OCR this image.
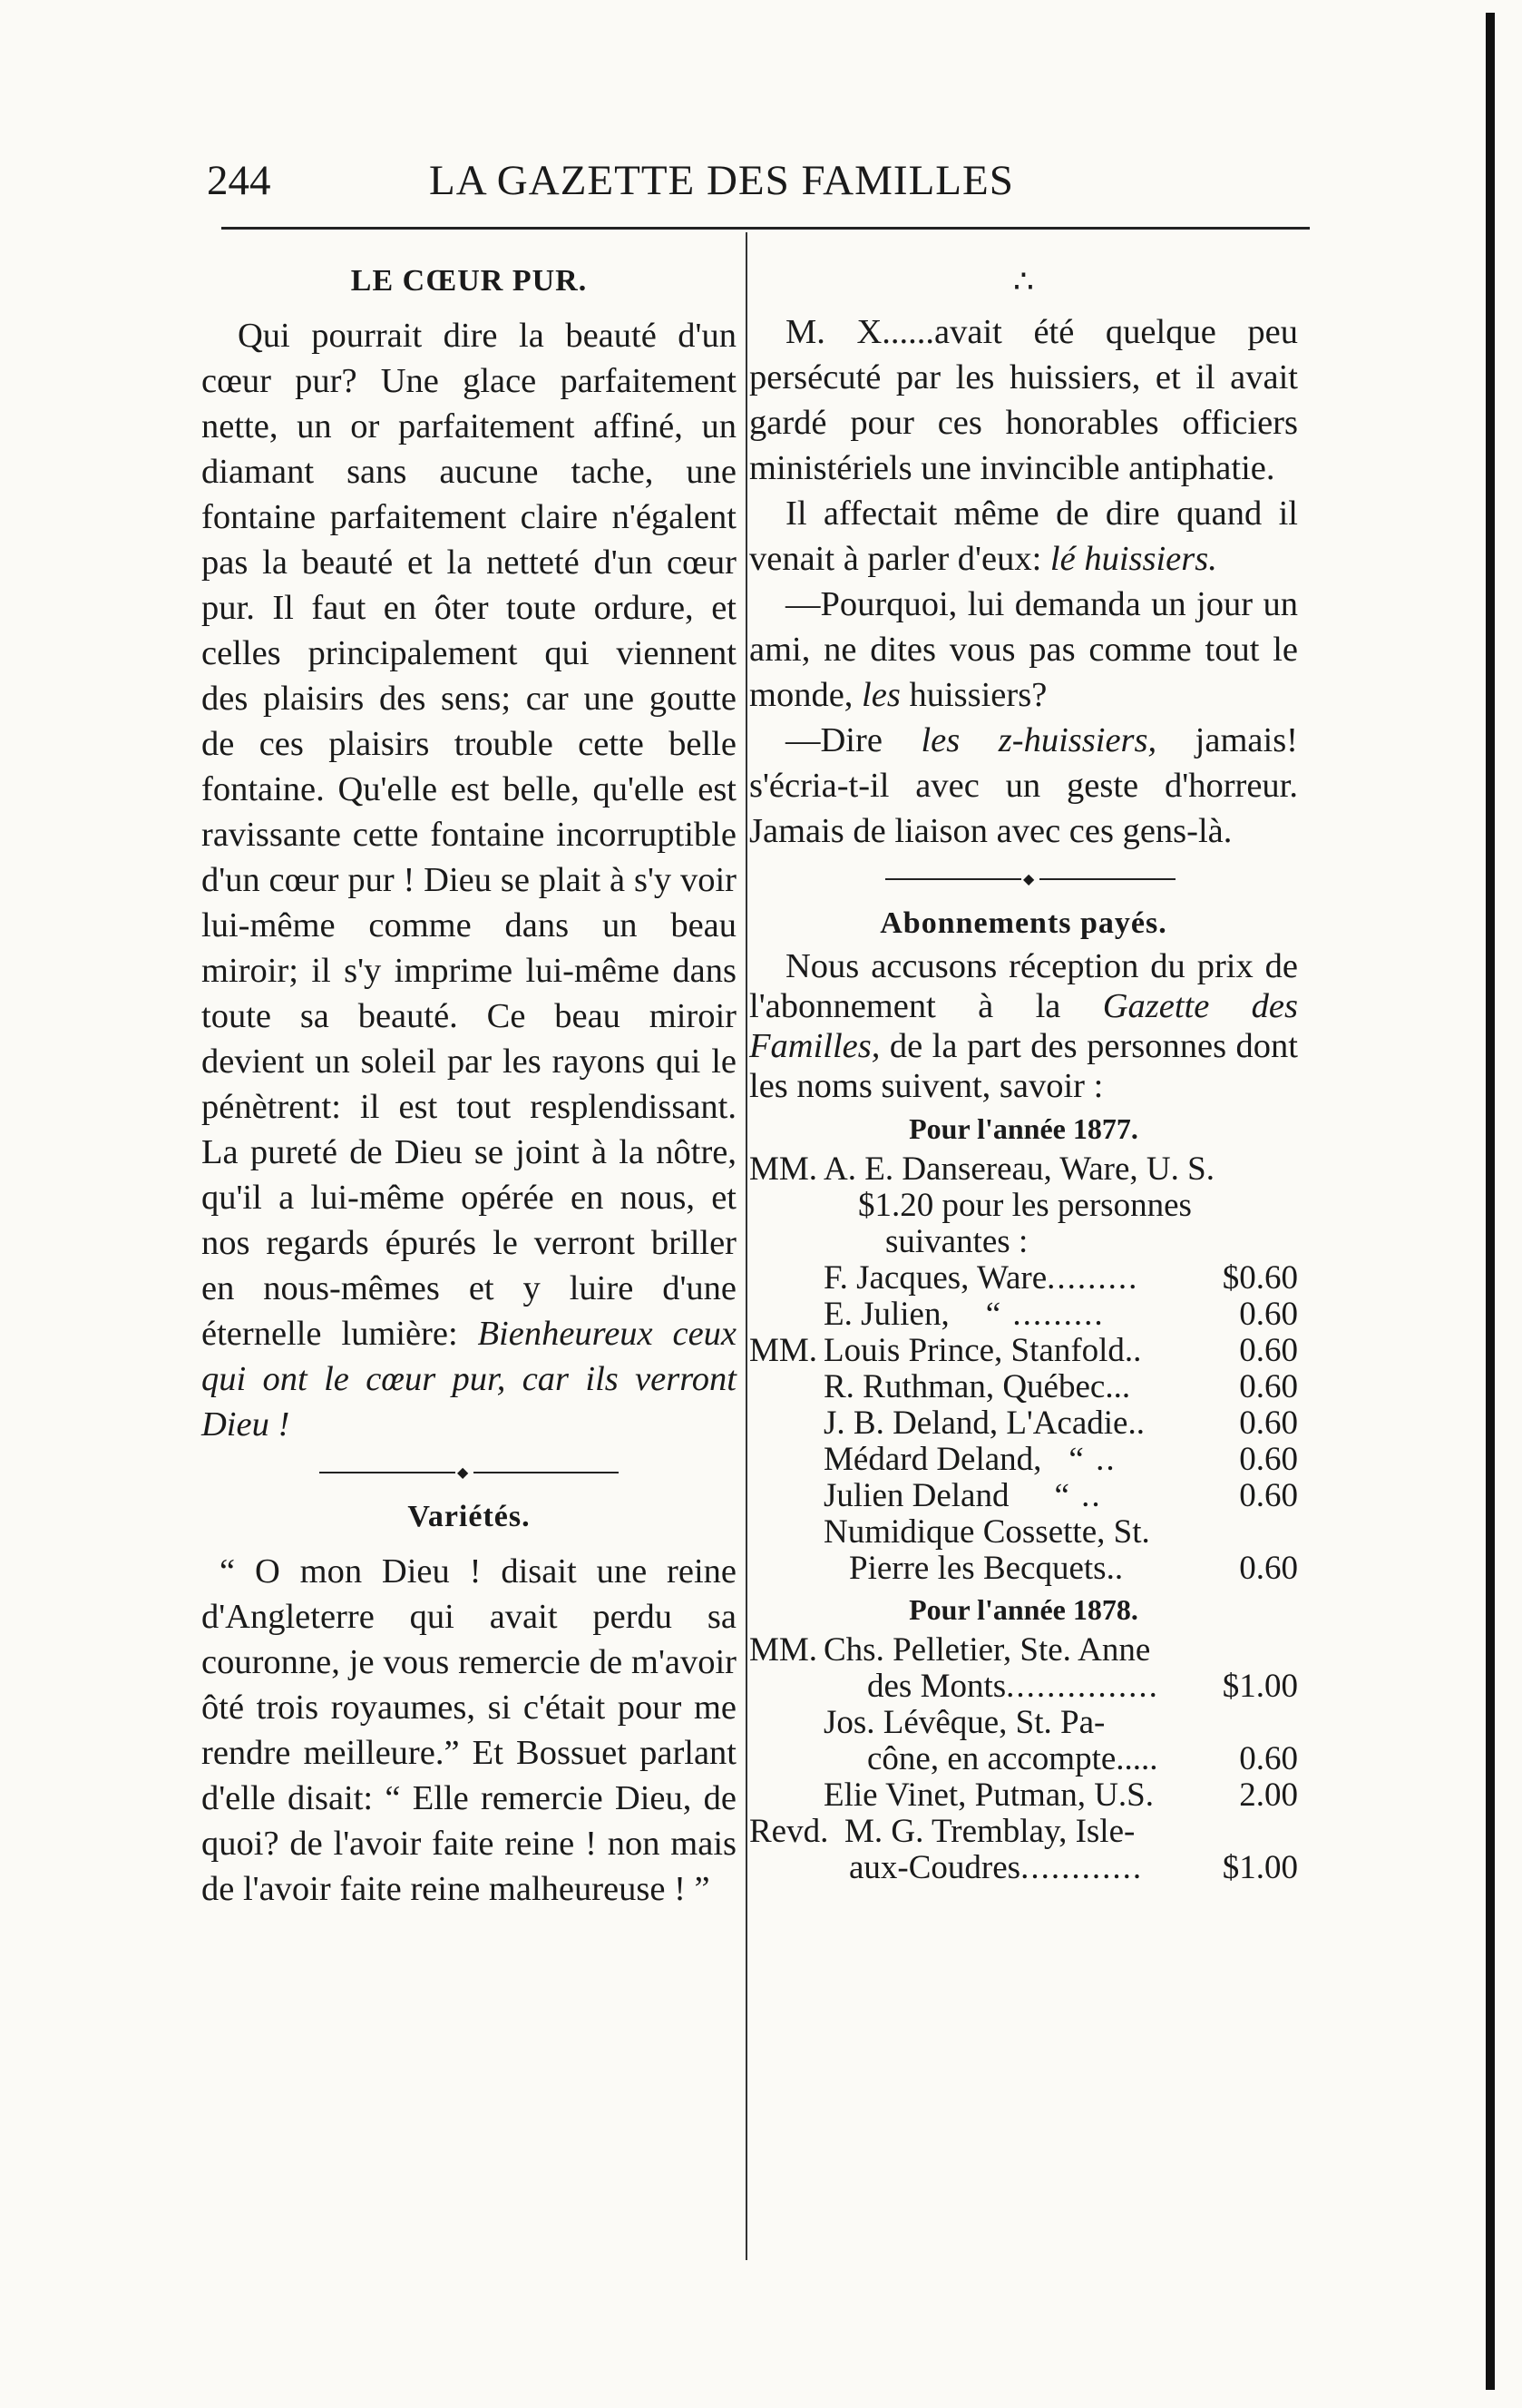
244	LA GAZETTE DES FAMILLES
LE CŒUR PUR.

Qui pourrait dire la beauté d'un cœur pur? Une glace parfaitement nette, un or parfaitement affiné, un diamant sans aucune tache, une fontaine parfaitement claire n'égalent pas la beauté et la netteté d'un cœur pur. Il faut en ôter toute ordure, et celles principalement qui viennent des plaisirs des sens; car une goutte de ces plaisirs trouble cette belle fontaine. Qu'elle est belle, qu'elle est ravissante cette fontaine incorruptible d'un cœur pur ! Dieu se plait à s'y voir lui-même comme dans un beau miroir; il s'y imprime lui-même dans toute sa beauté. Ce beau miroir devient un soleil par les rayons qui le pénètrent: il est tout resplendissant. La pureté de Dieu se joint à la nôtre, qu'il a lui-même opérée en nous, et nos regards épurés le verront briller en nous-mêmes et y luire d'une éternelle lumière: Bienheureux ceux qui ont le cœur pur, car ils verront Dieu !

◆
Variétés.

“ O mon Dieu ! disait une reine d'Angleterre qui avait perdu sa couronne, je vous remercie de m'avoir ôté trois royaumes, si c'était pour me rendre meilleure.” Et Bossuet parlant d'elle disait: “ Elle remercie Dieu, de quoi? de l'avoir faite reine ! non mais de l'avoir faite reine malheureuse ! ”

∴

M. X......avait été quelque peu persécuté par les huissiers, et il avait gardé pour ces honorables officiers ministériels une invincible antiphatie.

Il affectait même de dire quand il venait à parler d'eux: lé huissiers.

—Pourquoi, lui demanda un jour un ami, ne dites vous pas comme tout le monde, les huissiers?

—Dire les z-huissiers, jamais! s'écria-t-il avec un geste d'horreur. Jamais de liaison avec ces gens-là.

◆
Abonnements payés.

Nous accusons réception du prix de l'abonnement à la Gazette des Familles, de la part des personnes dont les noms suivent, savoir :

Pour l'année 1877.
MM. A. E. Dansereau, Ware, U. S.
$1.20 pour les personnes
suivantes :
F. Jacques, Ware .........	$0.60
E. Julien,	“ .........	0.60
MM. Louis Prince, Stanfold..	0.60
R. Ruthman, Québec...	0.60
J. B. Deland, L'Acadie..	0.60
Médard Deland, “ ..	0.60
Julien Deland	“ ..	0.60
Numidique Cossette, St.
Pierre les Becquets..	0.60
Pour l'année 1878.
MM. Chs. Pelletier, Ste. Anne
des Monts ...............	$1.00
Jos. Lévêque, St. Pa-
cône, en accompte..... 0.60
Elie Vinet, Putman, U.S.	2.00
Revd. M. G. Tremblay, Isle-
aux-Coudres ............	$1.00
